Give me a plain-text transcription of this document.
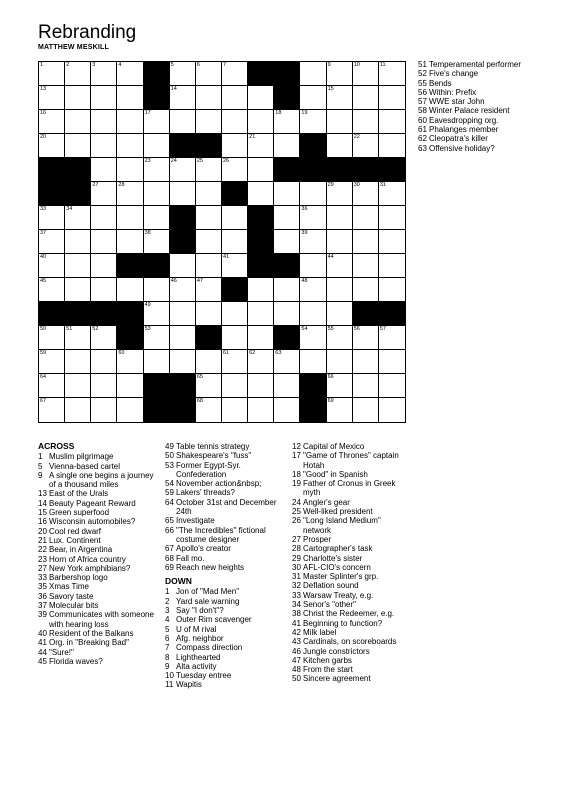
Rebranding
MATTHEW MESKILL
1	2	3	4	5	6	7	9	10	11
13	14	15
16	17	18	19
20	21	22
23	24	25	26
27	28	29	30	31
33	34	36
37	38	39
40	41	44
45	46	47	48
49
50	51	52	53	54	55	56	57
59	60	61	62	63
64	65	66
67	68	69
51 Temperamental performer
52 Five's change
55 Bends
56 Within: Prefix
57 WWE star John
58 Winter Palace resident
60 Eavesdropping org.
61 Phalanges member
62 Cleopatra's killer
63 Offensive holiday?
ACROSS
1 Muslim pilgrimage
5 Vienna-based cartel
9 A single one begins a journey of a thousand miles
13 East of the Urals
14 Beauty Pageant Reward
15 Green superfood
16 Wisconsin automobiles?
20 Cool red dwarf
21 Lux. Continent
22 Bear, in Argentina
23 Horn of Africa country
27 New York amphibians?
33 Barbershop logo
35 Xmas Time
36 Savory taste
37 Molecular bits
39 Communicates with someone with hearing loss
40 Resident of the Balkans
41 Org. in "Breaking Bad"
44 "Sure!"
45 Florida waves?
49 Table tennis strategy
50 Shakespeare's "fuss"
53 Former Egypt-Syr. Confederation
54 November action&nbsp;
59 Lakers' threads?
64 October 31st and December 24th
65 Investigate
66 "The Incredibles" fictional costume designer
67 Apollo's creator
68 Fall mo.
69 Reach new heights
DOWN
1 Jon of "Mad Men"
2 Yard sale warning
3 Say "I don't"?
4 Outer Rim scavenger
5 U of M rival
6 Afg. neighbor
7 Compass direction
8 Lighthearted
9 Alta activity
10 Tuesday entree
11 Wapitis
12 Capital of Mexico
17 "Game of Thrones" captain Hotah
18 "Good" in Spanish
19 Father of Cronus in Greek myth
24 Angler's gear
25 Well-liked president
26 "Long Island Medium" network
27 Prosper
28 Cartographer's task
29 Charlotte's sister
30 AFL-CIO's concern
31 Master Splinter's grp.
32 Deflation sound
33 Warsaw Treaty, e.g.
34 Senor's "other"
38 Christ the Redeemer, e.g.
41 Beginning to function?
42 Milk label
43 Cardinals, on scoreboards
46 Jungle constrictors
47 Kitchen garbs
48 From the start
50 Sincere agreement
